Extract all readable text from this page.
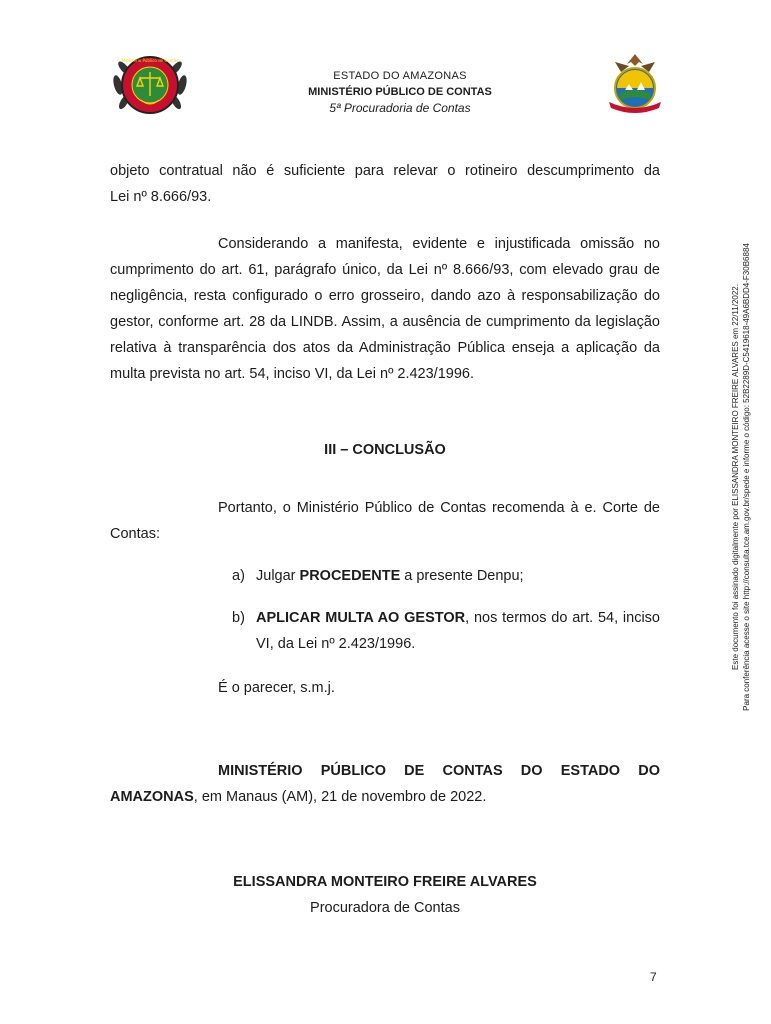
Ministério Público de Contas
ESTADO DO AMAZONAS
MINISTÉRIO PÚBLICO DE CONTAS
5ª Procuradoria de Contas
objeto contratual não é suficiente para relevar o rotineiro descumprimento da
Lei nº 8.666/93.
Considerando a manifesta, evidente e injustificada omissão no cumprimento do art. 61, parágrafo único, da Lei nº 8.666/93, com elevado grau de negligência, resta configurado o erro grosseiro, dando azo à responsabilização do gestor, conforme art. 28 da LINDB. Assim, a ausência de cumprimento da legislação relativa à transparência dos atos da Administração Pública enseja a aplicação da multa prevista no art. 54, inciso VI, da Lei nº 2.423/1996.
III – CONCLUSÃO
Portanto, o Ministério Público de Contas recomenda à e. Corte de Contas:
a) Julgar PROCEDENTE a presente Denpu;
b) APLICAR MULTA AO GESTOR, nos termos do art. 54, inciso VI, da Lei nº 2.423/1996.
É o parecer, s.m.j.
MINISTÉRIO PÚBLICO DE CONTAS DO ESTADO DO
AMAZONAS, em Manaus (AM), 21 de novembro de 2022.
ELISSANDRA MONTEIRO FREIRE ALVARES
Procuradora de Contas
Este documento foi assinado digitalmente por ELISSANDRA MONTEIRO FREIRE ALVARES em 22/11/2022. Para conferência acesse o site http://consulta.tce.am.gov.br/spede e informe o código: 52B2289D-C5419618-49A6BDD4-F30B6884
7
